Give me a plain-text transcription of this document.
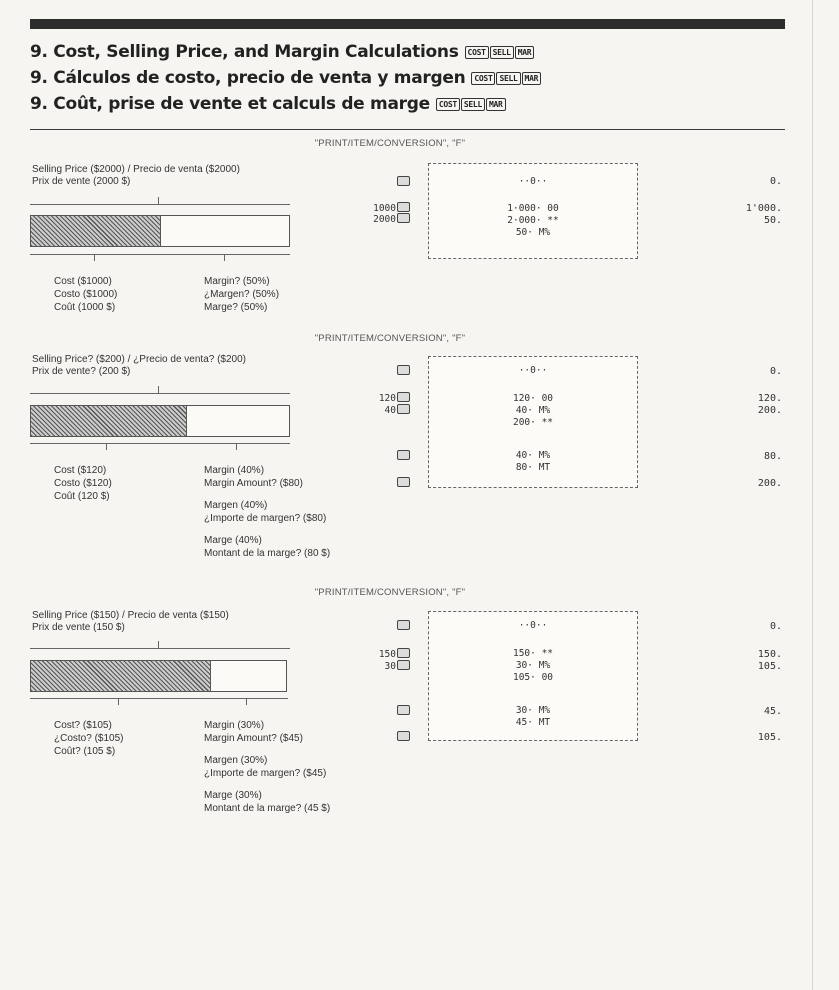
9. Cost, Selling Price, and Margin Calculations COST SELL MAR
9. Cálculos de costo, precio de venta y margen COST SELL MAR
9. Coût, prise de vente et calculs de marge COST SELL MAR
"PRINT/ITEM/CONVERSION", "F"
Selling Price ($2000) / Precio de venta ($2000)
Prix de vente (2000 $)
Cost ($1000)
Costo ($1000)
Coût (1000 $)
Margin? (50%)
¿Margen? (50%)
Marge? (50%)
1000
2000
··0··
1·000· 00
2·000· **
50· M%
0.
1'000.
50.
"PRINT/ITEM/CONVERSION", "F"
Selling Price? ($200) / ¿Precio de venta? ($200)
Prix de vente? (200 $)
Cost ($120)
Costo ($120)
Coût (120 $)
Margin (40%)
Margin Amount? ($80)
Margen (40%)
¿Importe de margen? ($80)
Marge (40%)
Montant de la marge? (80 $)
120
40
··0··
120· 00
40· M%
200· **
40· M%
80· MT
0.
120.
200.
80.
200.
"PRINT/ITEM/CONVERSION", "F"
Selling Price ($150) / Precio de venta ($150)
Prix de vente (150 $)
Cost? ($105)
¿Costo? ($105)
Coût? (105 $)
Margin (30%)
Margin Amount? ($45)
Margen (30%)
¿Importe de margen? ($45)
Marge (30%)
Montant de la marge? (45 $)
150
30
··0··
150· **
30· M%
105· 00
30· M%
45· MT
0.
150.
105.
45.
105.
